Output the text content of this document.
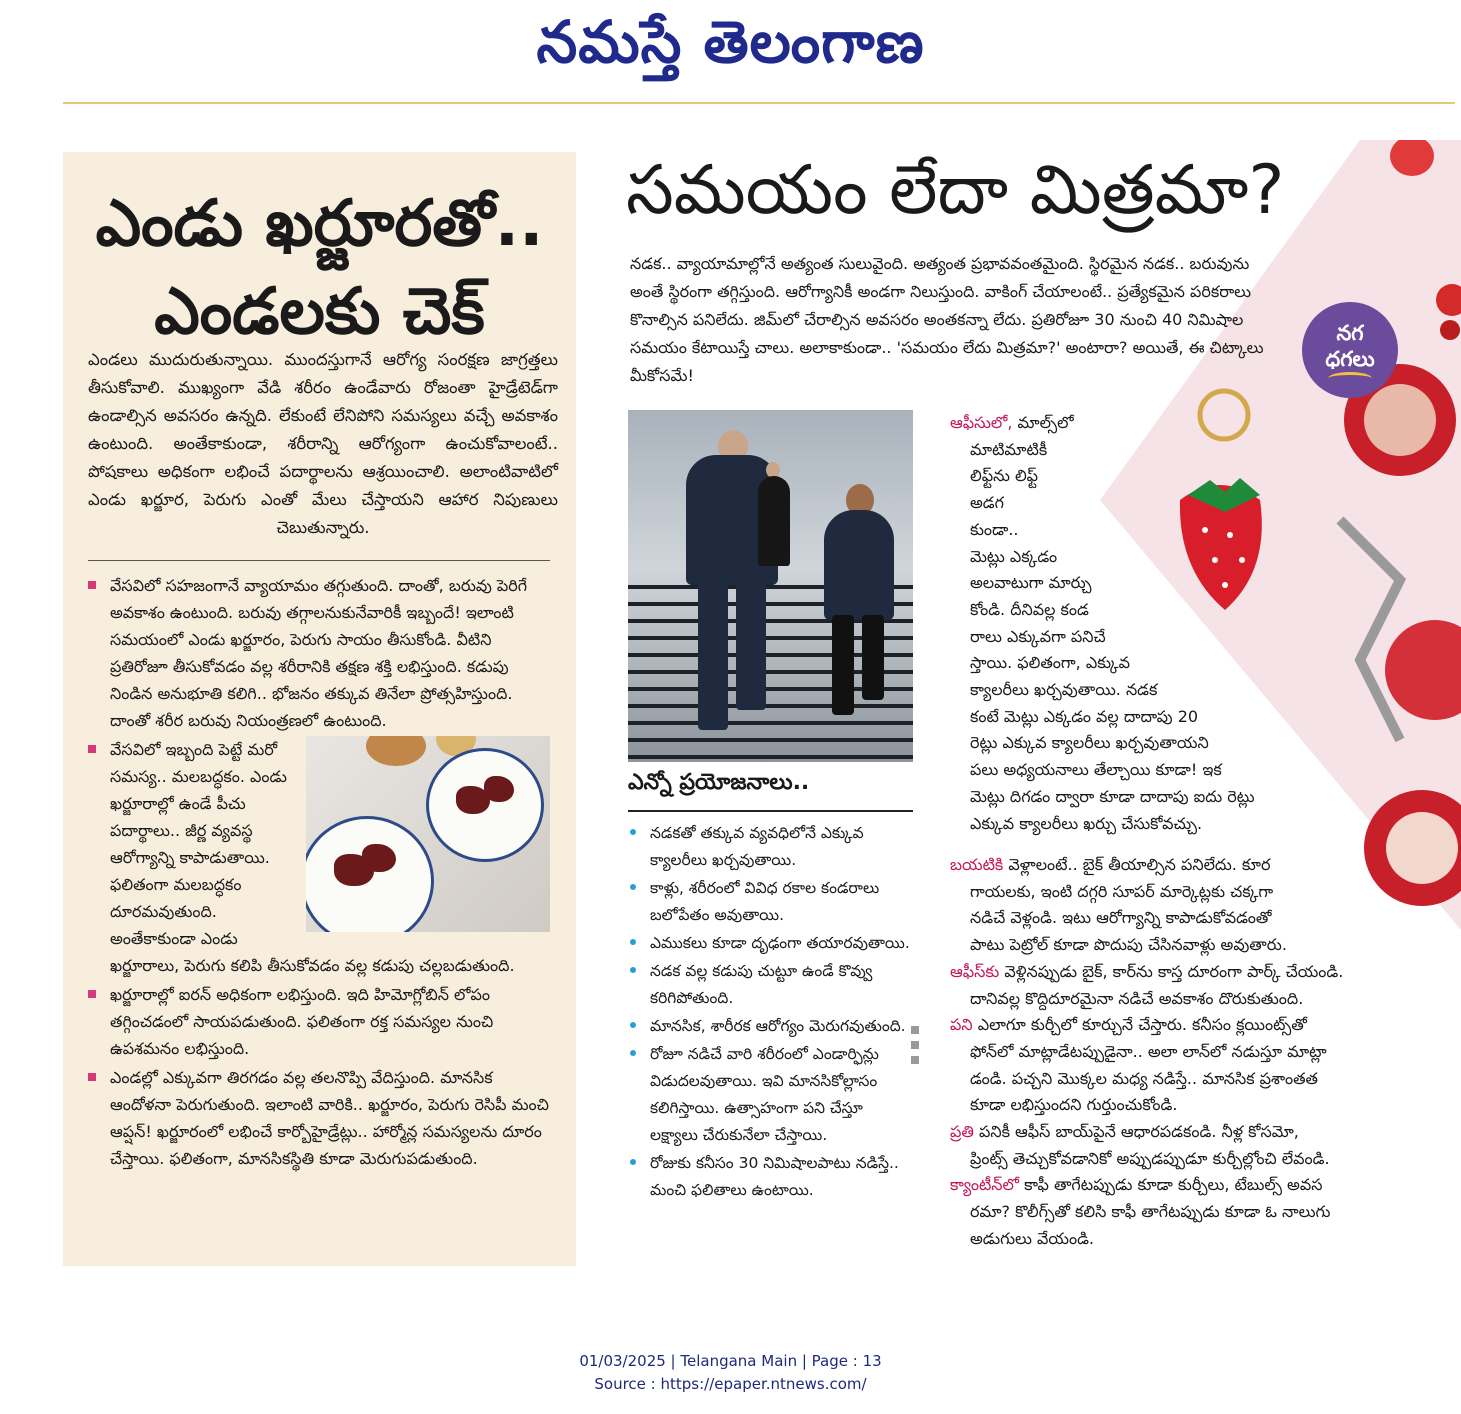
నమస్తే తెలంగాణ
ఎండు ఖర్జూరతో..
ఎండలకు చెక్
ఎండలు ముదురుతున్నాయి. ముందస్తుగానే ఆరోగ్య సంరక్షణ జాగ్రత్తలు తీసుకోవాలి. ముఖ్యంగా వేడి శరీరం ఉండేవారు రోజంతా హైడ్రేటెడ్‌గా ఉండాల్సిన అవసరం ఉన్నది. లేకుంటే లేనిపోని సమస్యలు వచ్చే అవకాశం ఉంటుంది. అంతేకాకుండా, శరీరాన్ని ఆరోగ్యంగా ఉంచుకోవాలంటే.. పోషకాలు అధికంగా లభించే పదార్థాలను ఆశ్రయించాలి. అలాంటివాటిలో ఎండు ఖర్జూర, పెరుగు ఎంతో మేలు చేస్తాయని ఆహార నిపుణులు చెబుతున్నారు.
వేసవిలో సహజంగానే వ్యాయామం తగ్గుతుంది. దాంతో, బరువు పెరిగే అవకాశం ఉంటుంది. బరువు తగ్గాలనుకునేవారికీ ఇబ్బందే! ఇలాంటి సమయంలో ఎండు ఖర్జూరం, పెరుగు సాయం తీసుకోండి. వీటిని ప్రతిరోజూ తీసుకోవడం వల్ల శరీరానికి తక్షణ శక్తి లభిస్తుంది. కడుపు నిండిన అనుభూతి కలిగి.. భోజనం తక్కువ తినేలా ప్రోత్సహిస్తుంది. దాంతో శరీర బరువు నియంత్రణలో ఉంటుంది.
వేసవిలో ఇబ్బంది పెట్టే మరో సమస్య.. మలబద్ధకం. ఎండు ఖర్జూరాల్లో ఉండే పీచు పదార్థాలు.. జీర్ణ వ్యవస్థ ఆరోగ్యాన్ని కాపాడుతాయి. ఫలితంగా మలబద్ధకం దూరమవుతుంది. అంతేకాకుండా ఎండు ఖర్జూరాలు, పెరుగు కలిపి తీసుకోవడం వల్ల కడుపు చల్లబడుతుంది.
ఖర్జూరాల్లో ఐరన్ అధికంగా లభిస్తుంది. ఇది హిమోగ్లోబిన్ లోపం తగ్గించడంలో సాయపడుతుంది. ఫలితంగా రక్త సమస్యల నుంచి ఉపశమనం లభిస్తుంది.
ఎండల్లో ఎక్కువగా తిరగడం వల్ల తలనొప్పి వేదిస్తుంది. మానసిక ఆందోళనా పెరుగుతుంది. ఇలాంటి వారికి.. ఖర్జూరం, పెరుగు రెసిపీ మంచి ఆప్షన్! ఖర్జూరంలో లభించే కార్బోహైడ్రేట్లు.. హార్మోన్ల సమస్యలను దూరం చేస్తాయి. ఫలితంగా, మానసికస్థితి కూడా మెరుగుపడుతుంది.
నగ
ధగలు
సమయం లేదా మిత్రమా?
నడక.. వ్యాయామాల్లోనే అత్యంత సులువైంది. అత్యంత ప్రభావవంతమైంది. స్థిరమైన నడక.. బరువును అంతే స్థిరంగా తగ్గిస్తుంది. ఆరోగ్యానికీ అండగా నిలుస్తుంది. వాకింగ్ చేయాలంటే.. ప్రత్యేకమైన పరికరాలు కొనాల్సిన పనిలేదు. జిమ్‌లో చేరాల్సిన అవసరం అంతకన్నా లేదు. ప్రతిరోజూ 30 నుంచి 40 నిమిషాల సమయం కేటాయిస్తే చాలు. అలాకాకుండా.. 'సమయం లేదు మిత్రమా?' అంటారా? అయితే, ఈ చిట్కాలు మీకోసమే!
ఎన్నో ప్రయోజనాలు..
నడకతో తక్కువ వ్యవధిలోనే ఎక్కువ క్యాలరీలు ఖర్చవుతాయి.
కాళ్లు, శరీరంలో వివిధ రకాల కండరాలు బలోపేతం అవుతాయి.
ఎముకలు కూడా దృఢంగా తయారవుతాయి.
నడక వల్ల కడుపు చుట్టూ ఉండే కొవ్వు కరిగిపోతుంది.
మానసిక, శారీరక ఆరోగ్యం మెరుగవుతుంది.
రోజూ నడిచే వారి శరీరంలో ఎండార్ఫిన్లు విడుదలవుతాయి. ఇవి మానసికోల్లాసం కలిగిస్తాయి. ఉత్సాహంగా పని చేస్తూ లక్ష్యాలు చేరుకునేలా చేస్తాయి.
రోజుకు కనీసం 30 నిమిషాలపాటు నడిస్తే.. మంచి ఫలితాలు ఉంటాయి.
ఆఫీసులో, మాల్స్‌లో
మాటిమాటికీ
లిఫ్ట్‌ను లిఫ్ట్
అడగ
కుండా..
మెట్లు ఎక్కడం
అలవాటుగా మార్చు
కోండి. దీనివల్ల కండ
రాలు ఎక్కువగా పనిచే
స్తాయి. ఫలితంగా, ఎక్కువ
క్యాలరీలు ఖర్చవుతాయి. నడక
కంటే మెట్లు ఎక్కడం వల్ల దాదాపు 20
రెట్లు ఎక్కువ క్యాలరీలు ఖర్చవుతాయని
పలు అధ్యయనాలు తేల్చాయి కూడా! ఇక
మెట్లు దిగడం ద్వారా కూడా దాదాపు ఐదు రెట్లు
ఎక్కువ క్యాలరీలు ఖర్చు చేసుకోవచ్చు.
బయటికి వెళ్లాలంటే.. బైక్ తీయాల్సిన పనిలేదు. కూర
గాయలకు, ఇంటి దగ్గరి సూపర్ మార్కెట్లకు చక్కగా
నడిచే వెళ్లండి. ఇటు ఆరోగ్యాన్ని కాపాడుకోవడంతో
పాటు పెట్రోల్ కూడా పొదుపు చేసినవాళ్లు అవుతారు.
ఆఫీస్‌కు వెళ్లినప్పుడు బైక్, కార్‌ను కాస్త దూరంగా పార్క్ చేయండి.
దానివల్ల కొద్దిదూరమైనా నడిచే అవకాశం దొరుకుతుంది.
పని ఎలాగూ కుర్చీలో కూర్చునే చేస్తారు. కనీసం క్లయింట్స్‌తో
ఫోన్‌లో మాట్లాడేటప్పుడైనా.. అలా లాన్‌లో నడుస్తూ మాట్లా
డండి. పచ్చని మొక్కల మధ్య నడిస్తే.. మానసిక ప్రశాంతత
కూడా లభిస్తుందని గుర్తుంచుకోండి.
ప్రతి పనికీ ఆఫీస్ బాయ్‌పైనే ఆధారపడకండి. నీళ్ల కోసమో,
ప్రింట్స్ తెచ్చుకోవడానికో అప్పుడప్పుడూ కుర్చీల్లోంచి లేవండి.
క్యాంటీన్‌లో కాఫీ తాగేటప్పుడు కూడా కుర్చీలు, టేబుల్స్ అవస
రమా? కొలీగ్స్‌తో కలిసి కాఫీ తాగేటప్పుడు కూడా ఓ నాలుగు
అడుగులు వేయండి.
01/03/2025 | Telangana Main | Page : 13
Source : https://epaper.ntnews.com/
